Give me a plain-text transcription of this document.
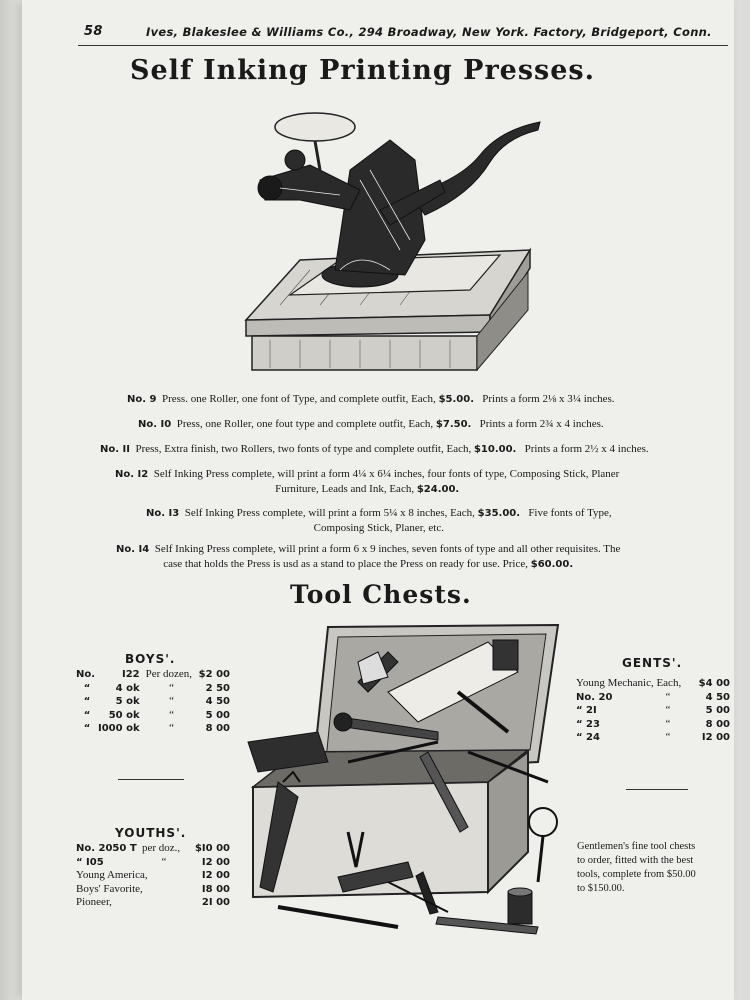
58	Ives, Blakeslee & Williams Co., 294 Broadway, New York. Factory, Bridgeport, Conn.
Self Inking Printing Presses.
No. 9 Press. one Roller, one font of Type, and complete outfit, Each, $5.00. Prints a form 2⅛ x 3¼ inches.
No. I0 Press, one Roller, one fout type and complete outfit, Each, $7.50. Prints a form 2¾ x 4 inches.
No. II Press, Extra finish, two Rollers, two fonts of type and complete outfit, Each, $10.00. Prints a form 2½ x 4 inches.
No. I2 Self Inking Press complete, will print a form 4¼ x 6¼ inches, four fonts of type, Composing Stick, Planer
Furniture, Leads and Ink, Each, $24.00.
No. I3 Self Inking Press complete, will print a form 5¼ x 8 inches, Each, $35.00. Five fonts of Type,
Composing Stick, Planer, etc.
No. I4 Self Inking Press complete, will print a form 6 x 9 inches, seven fonts of type and all other requisites. The
case that holds the Press is usd as a stand to place the Press on ready for use. Price, $60.00.
Tool Chests.
BOYS'.
No.	I22	Per dozen,	$2 00
“	4 ok	“	2 50
“	5 ok	“	4 50
“	50 ok	“	5 00
“	I000 ok	“	8 00
YOUTHS'.
No. 2050 T	per doz.,	$I0 00
“ I05	“	I2 00
Young America,		I2 00
Boys' Favorite,		I8 00
Pioneer,		2I 00
GENTS'.
Young Mechanic, Each,		$4 00
No. 20	“	4 50
“ 2I	“	5 00
“ 23	“	8 00
“ 24	“	I2 00
Gentlemen's fine tool chests
to order, fitted with the best
tools, complete from $50.00
to $150.00.
